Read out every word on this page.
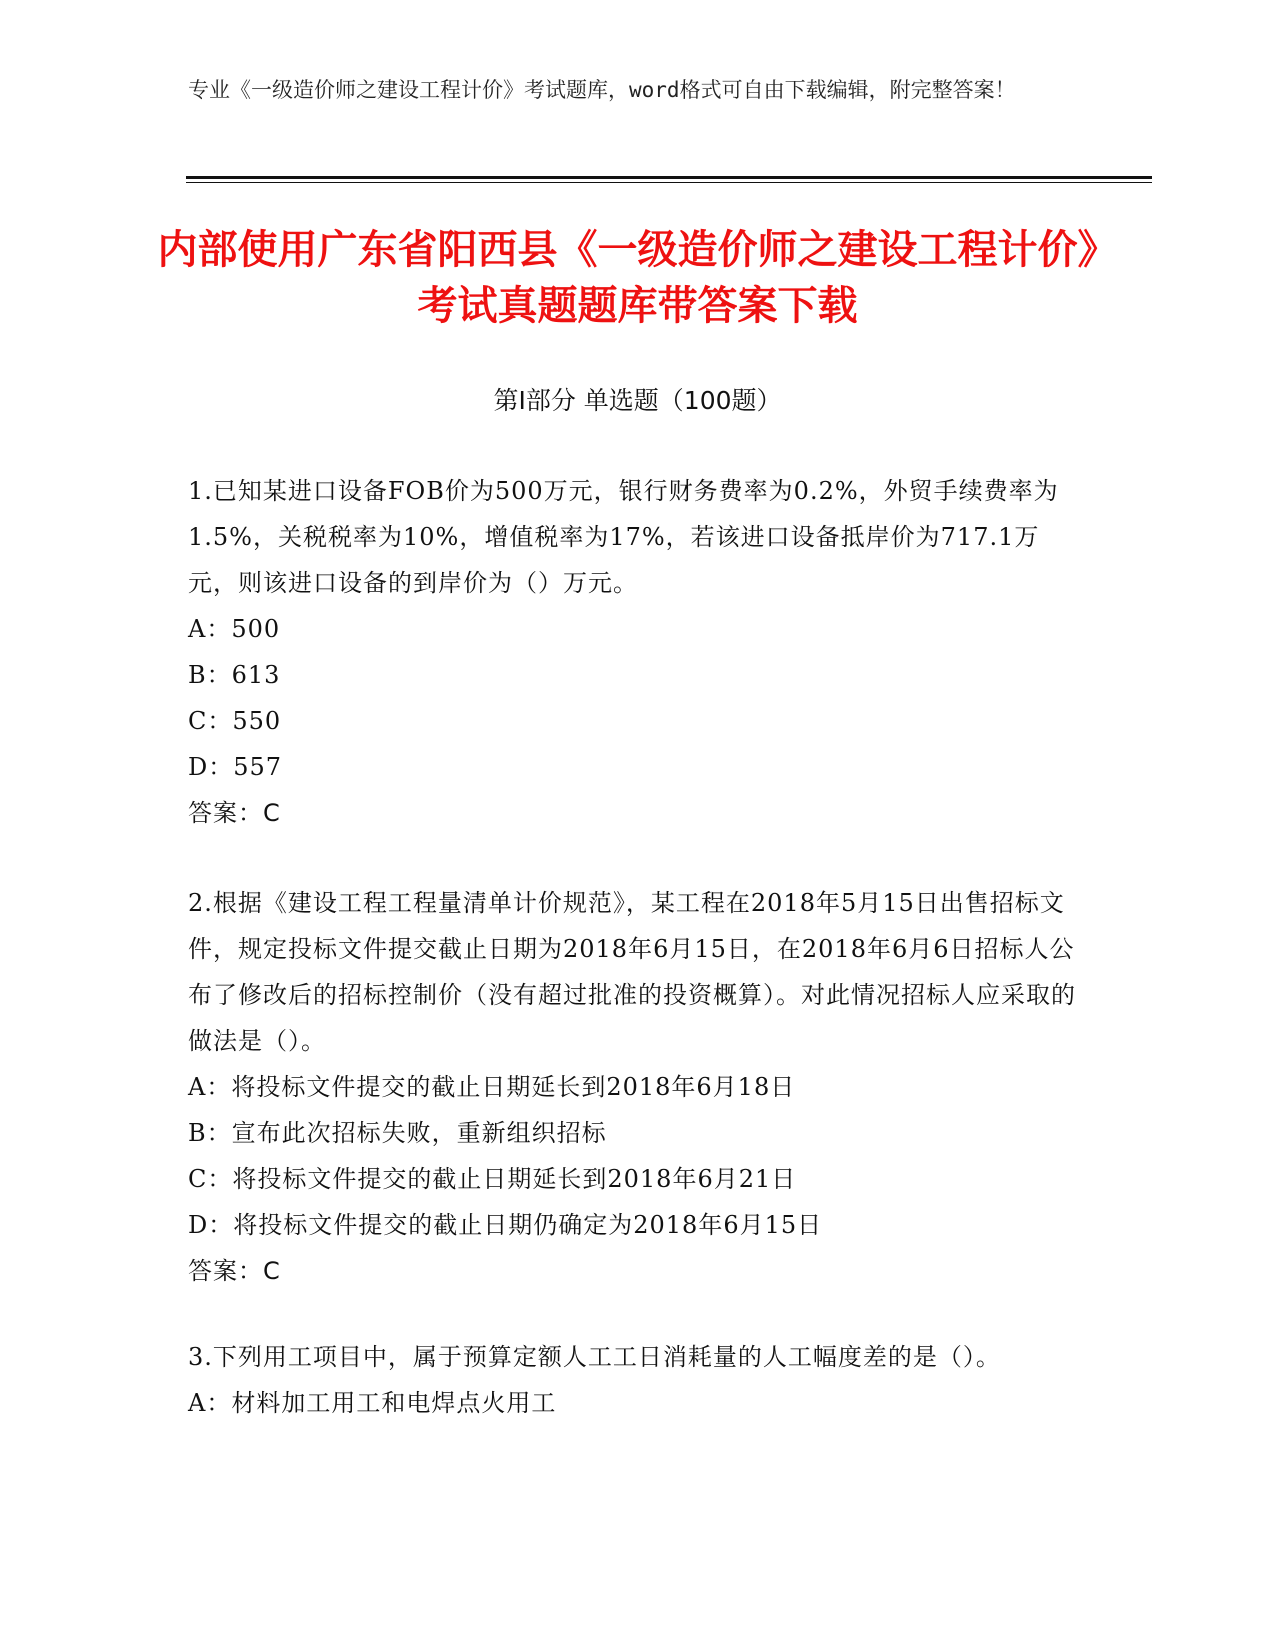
专业《一级造价师之建设工程计价》考试题库，word格式可自由下载编辑，附完整答案！
内部使用广东省阳西县《一级造价师之建设工程计价》考试真题题库带答案下载
第Ⅰ部分 单选题（100题）
1.已知某进口设备FOB价为500万元，银行财务费率为0.2%，外贸手续费率为1.5%，关税税率为10%，增值税率为17%，若该进口设备抵岸价为717.1万元，则该进口设备的到岸价为（）万元。
A：500
B：613
C：550
D：557
答案：C
2.根据《建设工程工程量清单计价规范》，某工程在2018年5月15日出售招标文件，规定投标文件提交截止日期为2018年6月15日，在2018年6月6日招标人公布了修改后的招标控制价（没有超过批准的投资概算）。对此情况招标人应采取的做法是（）。
A：将投标文件提交的截止日期延长到2018年6月18日
B：宣布此次招标失败，重新组织招标
C：将投标文件提交的截止日期延长到2018年6月21日
D：将投标文件提交的截止日期仍确定为2018年6月15日
答案：C
3.下列用工项目中，属于预算定额人工工日消耗量的人工幅度差的是（）。
A：材料加工用工和电焊点火用工
